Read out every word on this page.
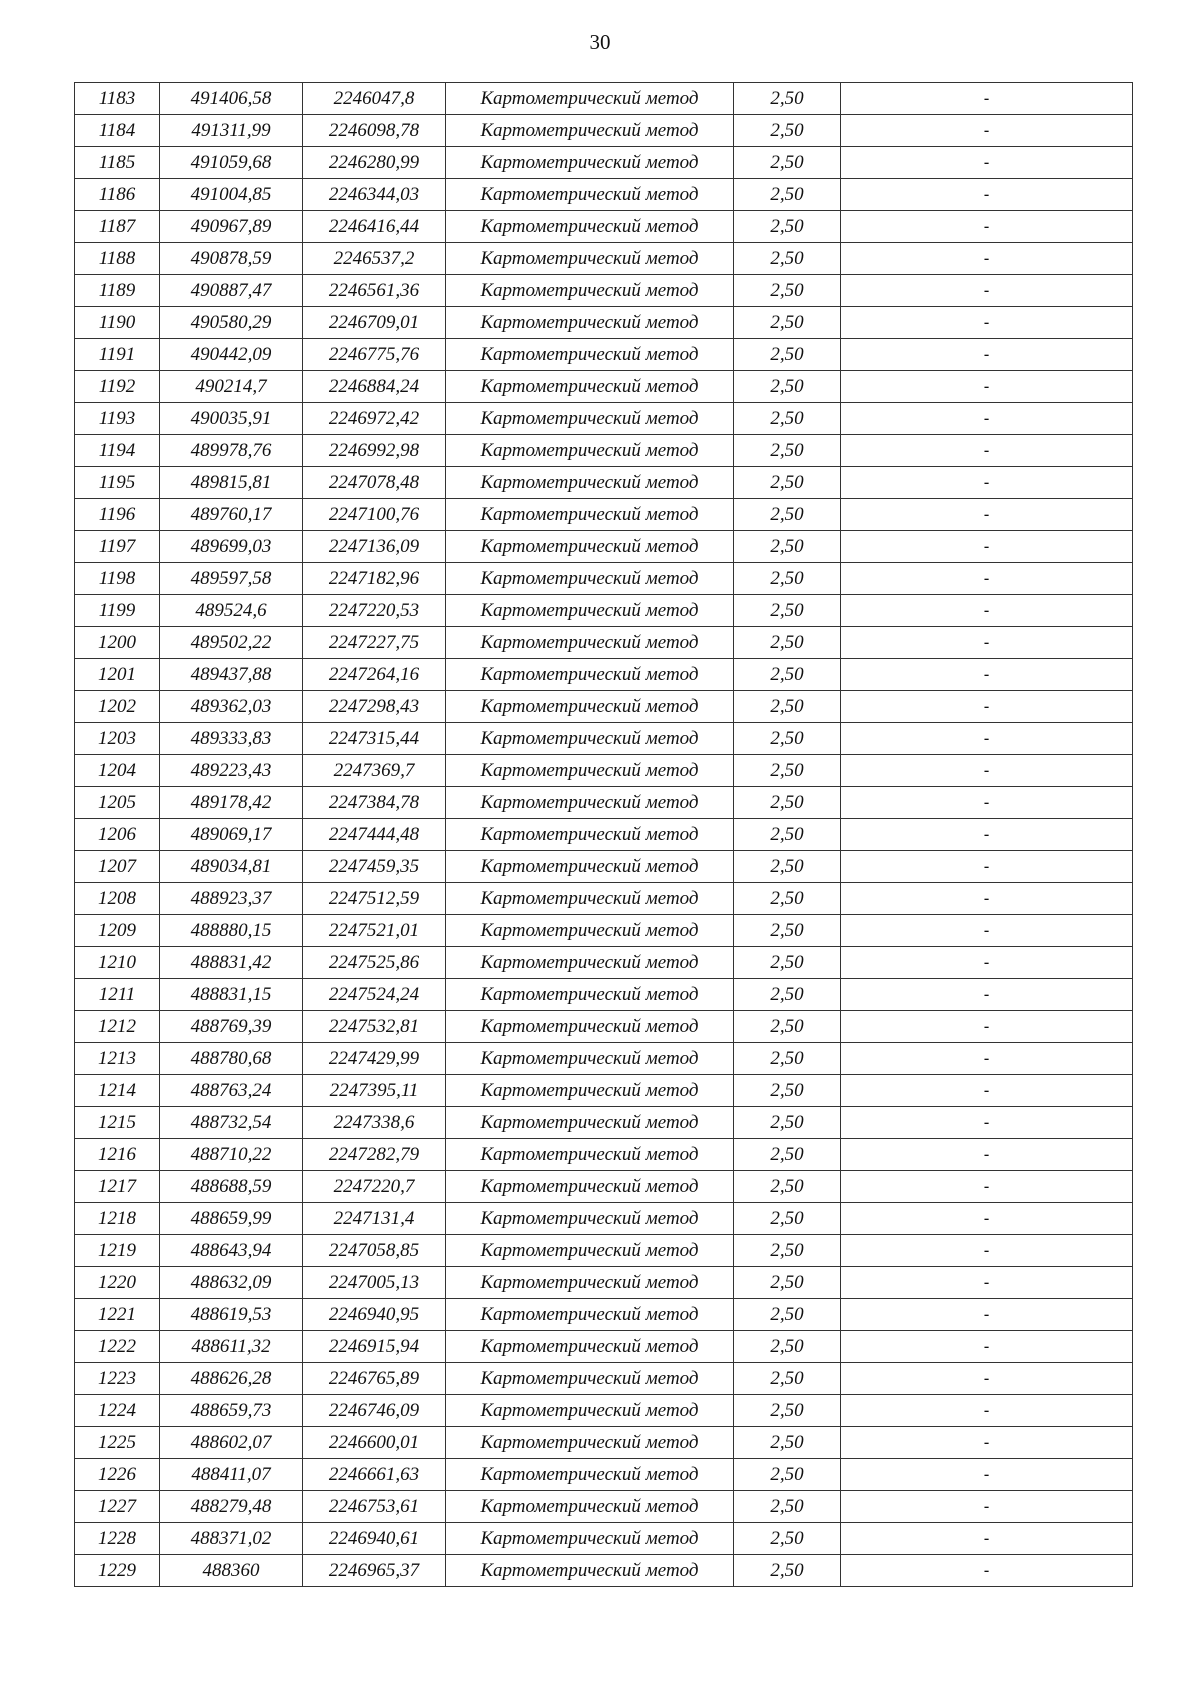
30
1183	491406,58	2246047,8	Картометрический метод	2,50	-
1184	491311,99	2246098,78	Картометрический метод	2,50	-
1185	491059,68	2246280,99	Картометрический метод	2,50	-
1186	491004,85	2246344,03	Картометрический метод	2,50	-
1187	490967,89	2246416,44	Картометрический метод	2,50	-
1188	490878,59	2246537,2	Картометрический метод	2,50	-
1189	490887,47	2246561,36	Картометрический метод	2,50	-
1190	490580,29	2246709,01	Картометрический метод	2,50	-
1191	490442,09	2246775,76	Картометрический метод	2,50	-
1192	490214,7	2246884,24	Картометрический метод	2,50	-
1193	490035,91	2246972,42	Картометрический метод	2,50	-
1194	489978,76	2246992,98	Картометрический метод	2,50	-
1195	489815,81	2247078,48	Картометрический метод	2,50	-
1196	489760,17	2247100,76	Картометрический метод	2,50	-
1197	489699,03	2247136,09	Картометрический метод	2,50	-
1198	489597,58	2247182,96	Картометрический метод	2,50	-
1199	489524,6	2247220,53	Картометрический метод	2,50	-
1200	489502,22	2247227,75	Картометрический метод	2,50	-
1201	489437,88	2247264,16	Картометрический метод	2,50	-
1202	489362,03	2247298,43	Картометрический метод	2,50	-
1203	489333,83	2247315,44	Картометрический метод	2,50	-
1204	489223,43	2247369,7	Картометрический метод	2,50	-
1205	489178,42	2247384,78	Картометрический метод	2,50	-
1206	489069,17	2247444,48	Картометрический метод	2,50	-
1207	489034,81	2247459,35	Картометрический метод	2,50	-
1208	488923,37	2247512,59	Картометрический метод	2,50	-
1209	488880,15	2247521,01	Картометрический метод	2,50	-
1210	488831,42	2247525,86	Картометрический метод	2,50	-
1211	488831,15	2247524,24	Картометрический метод	2,50	-
1212	488769,39	2247532,81	Картометрический метод	2,50	-
1213	488780,68	2247429,99	Картометрический метод	2,50	-
1214	488763,24	2247395,11	Картометрический метод	2,50	-
1215	488732,54	2247338,6	Картометрический метод	2,50	-
1216	488710,22	2247282,79	Картометрический метод	2,50	-
1217	488688,59	2247220,7	Картометрический метод	2,50	-
1218	488659,99	2247131,4	Картометрический метод	2,50	-
1219	488643,94	2247058,85	Картометрический метод	2,50	-
1220	488632,09	2247005,13	Картометрический метод	2,50	-
1221	488619,53	2246940,95	Картометрический метод	2,50	-
1222	488611,32	2246915,94	Картометрический метод	2,50	-
1223	488626,28	2246765,89	Картометрический метод	2,50	-
1224	488659,73	2246746,09	Картометрический метод	2,50	-
1225	488602,07	2246600,01	Картометрический метод	2,50	-
1226	488411,07	2246661,63	Картометрический метод	2,50	-
1227	488279,48	2246753,61	Картометрический метод	2,50	-
1228	488371,02	2246940,61	Картометрический метод	2,50	-
1229	488360	2246965,37	Картометрический метод	2,50	-
